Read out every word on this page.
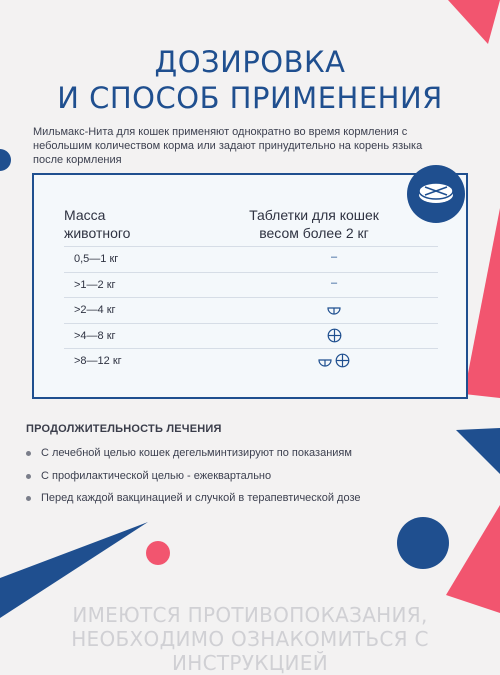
ДОЗИРОВКА
И СПОСОБ ПРИМЕНЕНИЯ
Мильмакс-Нита для кошек применяют однократно во время кормления с небольшим количеством корма или задают принудительно на корень языка после кормления
Масса
животного
Таблетки для кошек
весом более 2 кг
0,5—1 кг	–
>1—2 кг	–
>2—4 кг
>4—8 кг
>8—12 кг
ПРОДОЛЖИТЕЛЬНОСТЬ ЛЕЧЕНИЯ
С лечебной целью кошек дегельминтизируют по показаниям
С профилактической целью - ежеквартально
Перед каждой вакцинацией и случкой в терапевтической дозе
ИМЕЮТСЯ ПРОТИВОПОКАЗАНИЯ,
НЕОБХОДИМО ОЗНАКОМИТЬСЯ С ИНСТРУКЦИЕЙ
